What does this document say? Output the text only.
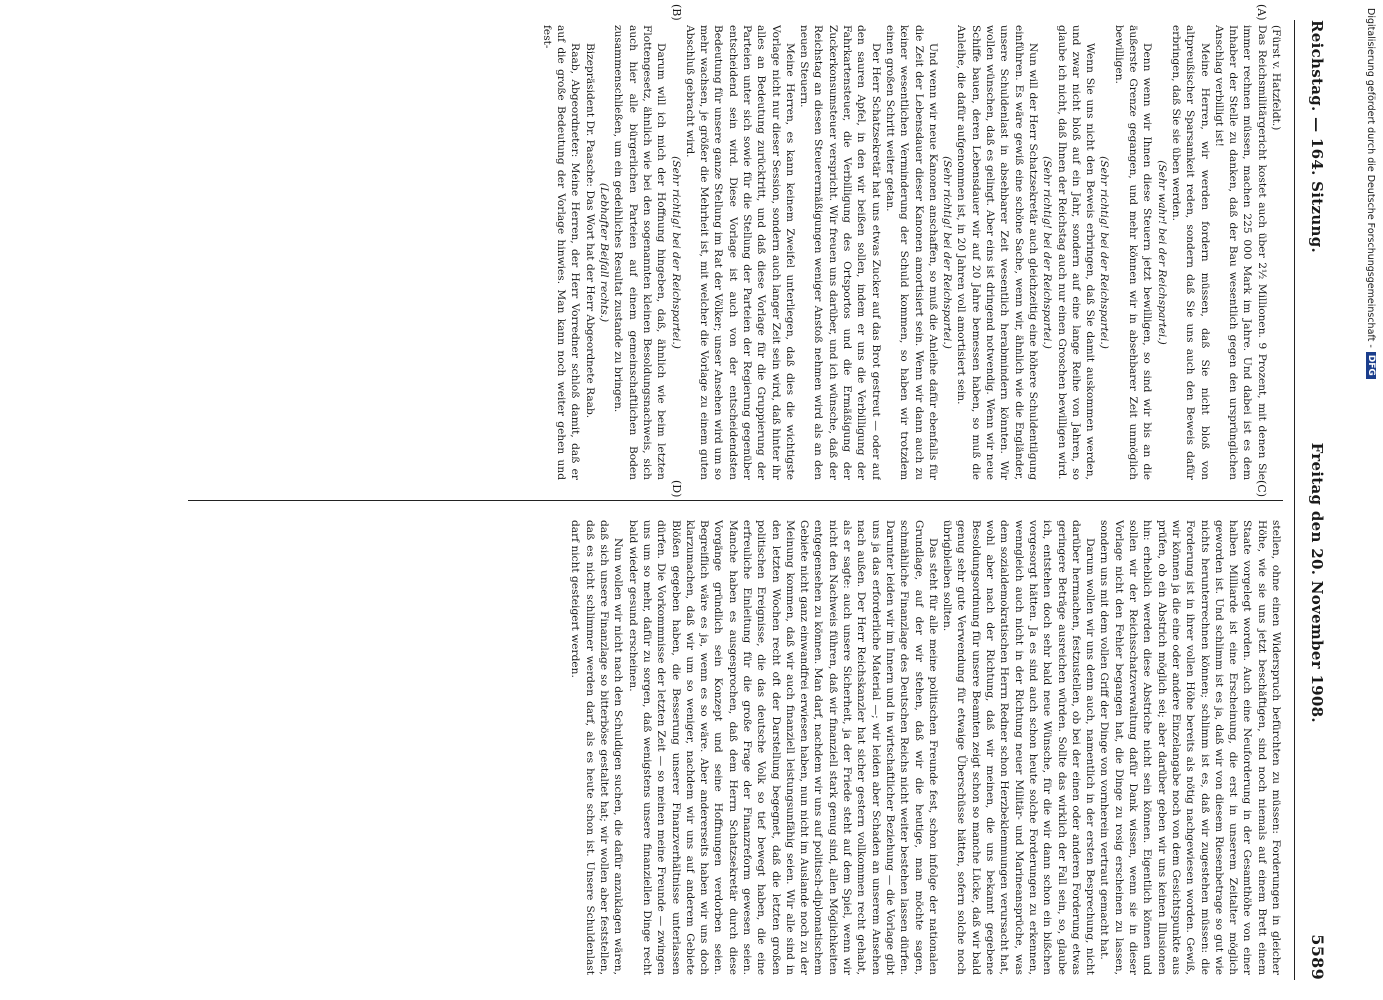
Reichstag. — 164. Sitzung.
Freitag den 20. November 1908.
5589
(A)
(B)
(C)
(D)

(Fürst v. Hatzfeldt.)

Das Reichsmilitärgericht kostet auch über 2½ Millionen. 9 Prozent, mit denen Sie immer rechnen müssen, machen 225 000 Mark im Jahre. Und dabei ist es dem Inhaber der Stelle zu danken, daß der Bau wesentlich gegen den ursprünglichen Anschlag verbilligt ist!

Meine Herren, wir werden fordern müssen, daß Sie nicht bloß von altpreußischer Sparsamkeit reden, sondern daß Sie uns auch den Beweis dafür erbringen, daß Sie sie üben werden.

(Sehr wahr! bei der Reichspartei.)

Denn wenn wir Ihnen diese Steuern jetzt bewilligen, so sind wir bis an die äußerste Grenze gegangen, und mehr können wir in absehbarer Zeit unmöglich bewilligen.

(Sehr richtig! bei der Reichspartei.)

Wenn Sie uns nicht den Beweis erbringen, daß Sie damit auskommen werden, und zwar nicht bloß auf ein Jahr, sondern auf eine lange Reihe von Jahren, so glaube ich nicht, daß Ihnen der Reichstag auch nur einen Groschen bewilligen wird.

(Sehr richtig! bei der Reichspartei.)

Nun will der Herr Schatzsekretär auch gleichzeitig eine höhere Schuldentilgung einführen. Es wäre gewiß eine schöne Sache, wenn wir, ähnlich wie die Engländer, unsere Schuldenlast in absehbarer Zeit wesentlich herabmindern könnten. Wir wollen wünschen, daß es gelingt. Aber eins ist dringend notwendig. Wenn wir neue Schiffe bauen, deren Lebensdauer wir auf 20 Jahre bemessen haben, so muß die Anleihe, die dafür aufgenommen ist, in 20 Jahren voll amortisiert sein.

(Sehr richtig! bei der Reichspartei.)

Und wenn wir neue Kanonen anschaffen, so muß die Anleihe dafür ebenfalls für die Zeit der Lebensdauer dieser Kanonen amortisiert sein. Wenn wir dann auch zu keiner wesentlichen Verminderung der Schuld kommen, so haben wir trotzdem einen großen Schritt weiter getan.

Der Herr Schatzsekretär hat uns etwas Zucker auf das Brot gestreut — oder auf den sauren Apfel, in den wir beißen sollen, indem er uns die Verbilligung der Fahrkartensteuer, die Verbilligung des Ortsportos und die Ermäßigung der Zuckerkonsumsteuer verspricht. Wir freuen uns darüber, und ich wünsche, daß der Reichstag an diesen Steuerermäßigungen weniger Anstoß nehmen wird als an den neuen Steuern.

Meine Herren, es kann keinem Zweifel unterliegen, daß dies die wichtigste Vorlage nicht nur dieser Session, sondern auch langer Zeit sein wird, daß hinter ihr alles an Bedeutung zurücktritt, und daß diese Vorlage für die Gruppierung der Parteien unter sich sowie für die Stellung der Parteien der Regierung gegenüber entscheidend sein wird. Diese Vorlage ist auch von der entscheidendsten Bedeutung für unsere ganze Stellung im Rat der Völker; unser Ansehen wird um so mehr wachsen, je größer die Mehrheit ist, mit welcher die Vorlage zu einem guten Abschluß gebracht wird.

(Sehr richtig! bei der Reichspartei.)

Darum will ich mich der Hoffnung hingeben, daß, ähnlich wie beim letzten Flottengesetz, ähnlich wie bei den sogenannten kleinen Besoldungsnachweis, sich auch hier alle bürgerlichen Parteien auf einem gemeinschaftlichen Boden zusammenschließen, um ein gedeihliches Resultat zustande zu bringen.

(Lebhafter Beifall rechts.)

Bizepräsident Dr. Paasche: Das Wort hat der Herr Abgeordnete Raab.

Raab, Abgeordneter: Meine Herren, der Herr Vorredner schloß damit, daß er auf die große Bedeutung der Vorlage hinwies. Man kann noch weiter gehen und fest-

stellen, ohne einen Widerspruch befürchten zu müssen: Forderungen in gleicher Höhe, wie sie uns jetzt beschäftigen, sind noch niemals auf einem Brett einem Staate vorgelegt worden. Auch eine Neuforderung in der Gesamthöhe von einer halben Milliarde ist eine Erscheinung, die erst in unserem Zeitalter möglich geworden ist. Und schlimm ist es ja, daß wir von diesem Riesenbetrage so gut wie nichts herunterrechnen können; schlimm ist es, daß wir zugestehen müssen: die Forderung ist in ihrer vollen Höhe bereits als nötig nachgewiesen worden. Gewiß, wir können ja die eine oder andere Einzelangabe noch von dem Gesichtspunkte aus prüfen, ob ein Abstrich möglich sei; aber darüber geben wir uns keinen Illusionen hin: erheblich werden diese Abstriche nicht sein können. Eigentlich können und sollen wir der Reichsschatzverwaltung dafür Dank wissen, wenn sie in dieser Vorlage nicht den Fehler begangen hat, die Dinge zu rosig erscheinen zu lassen, sondern uns mit dem vollen Griff der Dinge von vornherein vertraut gemacht hat.

Darum wollen wir uns denn auch, namentlich in der ersten Besprechung, nicht darüber hermachen, festzustellen, ob bei der einen oder anderen Forderung etwas geringere Beträge ausreichen würden. Sollte das wirklich der Fall sein, so, glaube ich, entstehen doch sehr bald neue Wünsche, für die wir dann schon ein bißchen vorgesorgt hätten. Ja es sind auch schon heute solche Forderungen zu erkennen, wenngleich auch nicht in der Richtung neuer Militär- und Marineansprüche, was dem sozialdemokratischen Herrn Redner schon Herzbeklemmungen verursacht hat, wohl aber nach der Richtung, daß wir meinen, die uns bekannt gegebene Besoldungsordnung für unsere Beamten zeigt schon so manche Lücke, daß wir bald genug sehr gute Verwendung für etwaige Überschüsse hätten, sofern solche noch übrigbleiben sollten.

Das steht für alle meine politischen Freunde fest, schon infolge der nationalen Grundlage, auf der wir stehen, daß wir die heutige, man möchte sagen, schmähliche Finanzlage des Deutschen Reichs nicht weiter bestehen lassen dürfen. Darunter leiden wir im Innern und in wirtschaftlicher Beziehung — die Vorlage gibt uns ja das erforderliche Material —; wir leiden aber Schaden an unserem Ansehen nach außen. Der Herr Reichskanzler hat sicher gestern vollkommen recht gehabt, als er sagte: auch unsere Sicherheit, ja der Friede steht auf dem Spiel, wenn wir nicht den Nachweis führen, daß wir finanziell stark genug sind, allen Möglichkeiten entgegensehen zu können. Man darf, nachdem wir uns auf politisch-diplomatischem Gebiete nicht ganz einwandfrei erwiesen haben, nun nicht im Auslande noch zu der Meinung kommen, daß wir auch finanziell leistungsunfähig seien. Wir alle sind in den letzten Wochen recht oft der Darstellung begegnet, daß die letzten großen politischen Ereignisse, die das deutsche Volk so tief bewegt haben, die eine erfreuliche Einleitung für die große Frage der Finanzreform gewesen seien. Manche haben es ausgesprochen, daß dem Herrn Schatzsekretär durch diese Vorgänge gründlich sein Konzept und seine Hoffnungen verdorben seien. Begreiflich wäre es ja, wenn es so wäre. Aber andererseits haben wir uns doch klarzumachen, daß wir um so weniger, nachdem wir uns auf anderem Gebiete Blößen gegeben haben, die Besserung unserer Finanzverhältnisse unterlassen dürfen. Die Vorkommnisse der letzten Zeit — so meinen meine Freunde — zwingen uns um so mehr, dafür zu sorgen, daß wenigstens unsere finanziellen Dinge recht bald wieder gesund erscheinen.

Nun wollen wir nicht nach den Schuldigen suchen, die dafür anzuklagen wären, daß sich unsere Finanzlage so bitterböse gestaltet hat; wir wollen aber feststellen, daß es nicht schlimmer werden darf, als es heute schon ist. Unsere Schuldenlast darf nicht gesteigert werden.

Digitalisierung gefördert durch die Deutsche Forschungsgemeinschaft -
DFG
